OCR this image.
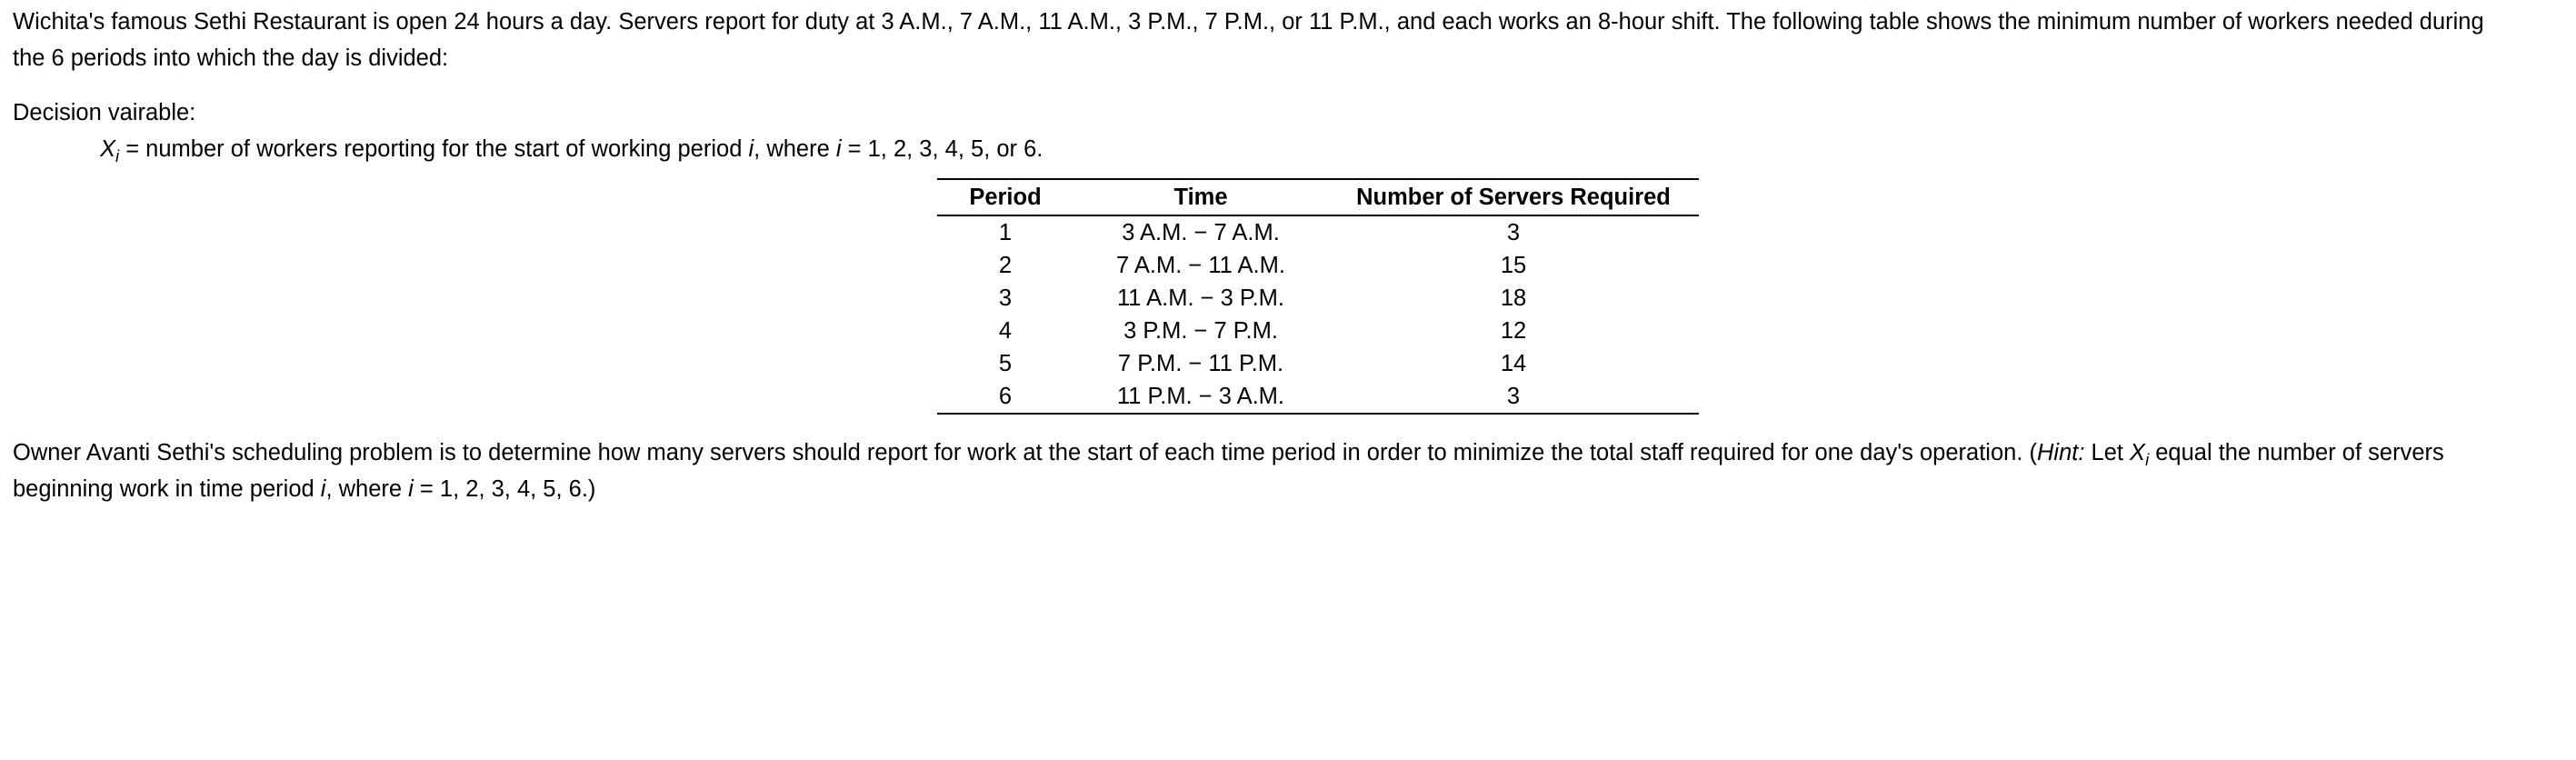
Wichita's famous Sethi Restaurant is open 24 hours a day. Servers report for duty at 3 A.M., 7 A.M., 11 A.M., 3 P.M., 7 P.M., or 11 P.M., and each works an 8-hour shift. The following table shows the minimum number of workers needed during

the 6 periods into which the day is divided:

Decision vairable:

$X_i$ = number of workers reporting for the start of working period i, where i = 1, 2, 3, 4, 5, or 6.

Period	Time	Number of Servers Required
1	3 A.M. − 7 A.M.	3
2	7 A.M. − 11 A.M.	15
3	11 A.M. − 3 P.M.	18
4	3 P.M. − 7 P.M.	12
5	7 P.M. − 11 P.M.	14
6	11 P.M. − 3 A.M.	3

Owner Avanti Sethi's scheduling problem is to determine how many servers should report for work at the start of each time period in order to minimize the total staff required for one day's operation. (Hint: Let $X_i$ equal the number of servers

beginning work in time period i, where i = 1, 2, 3, 4, 5, 6.)
